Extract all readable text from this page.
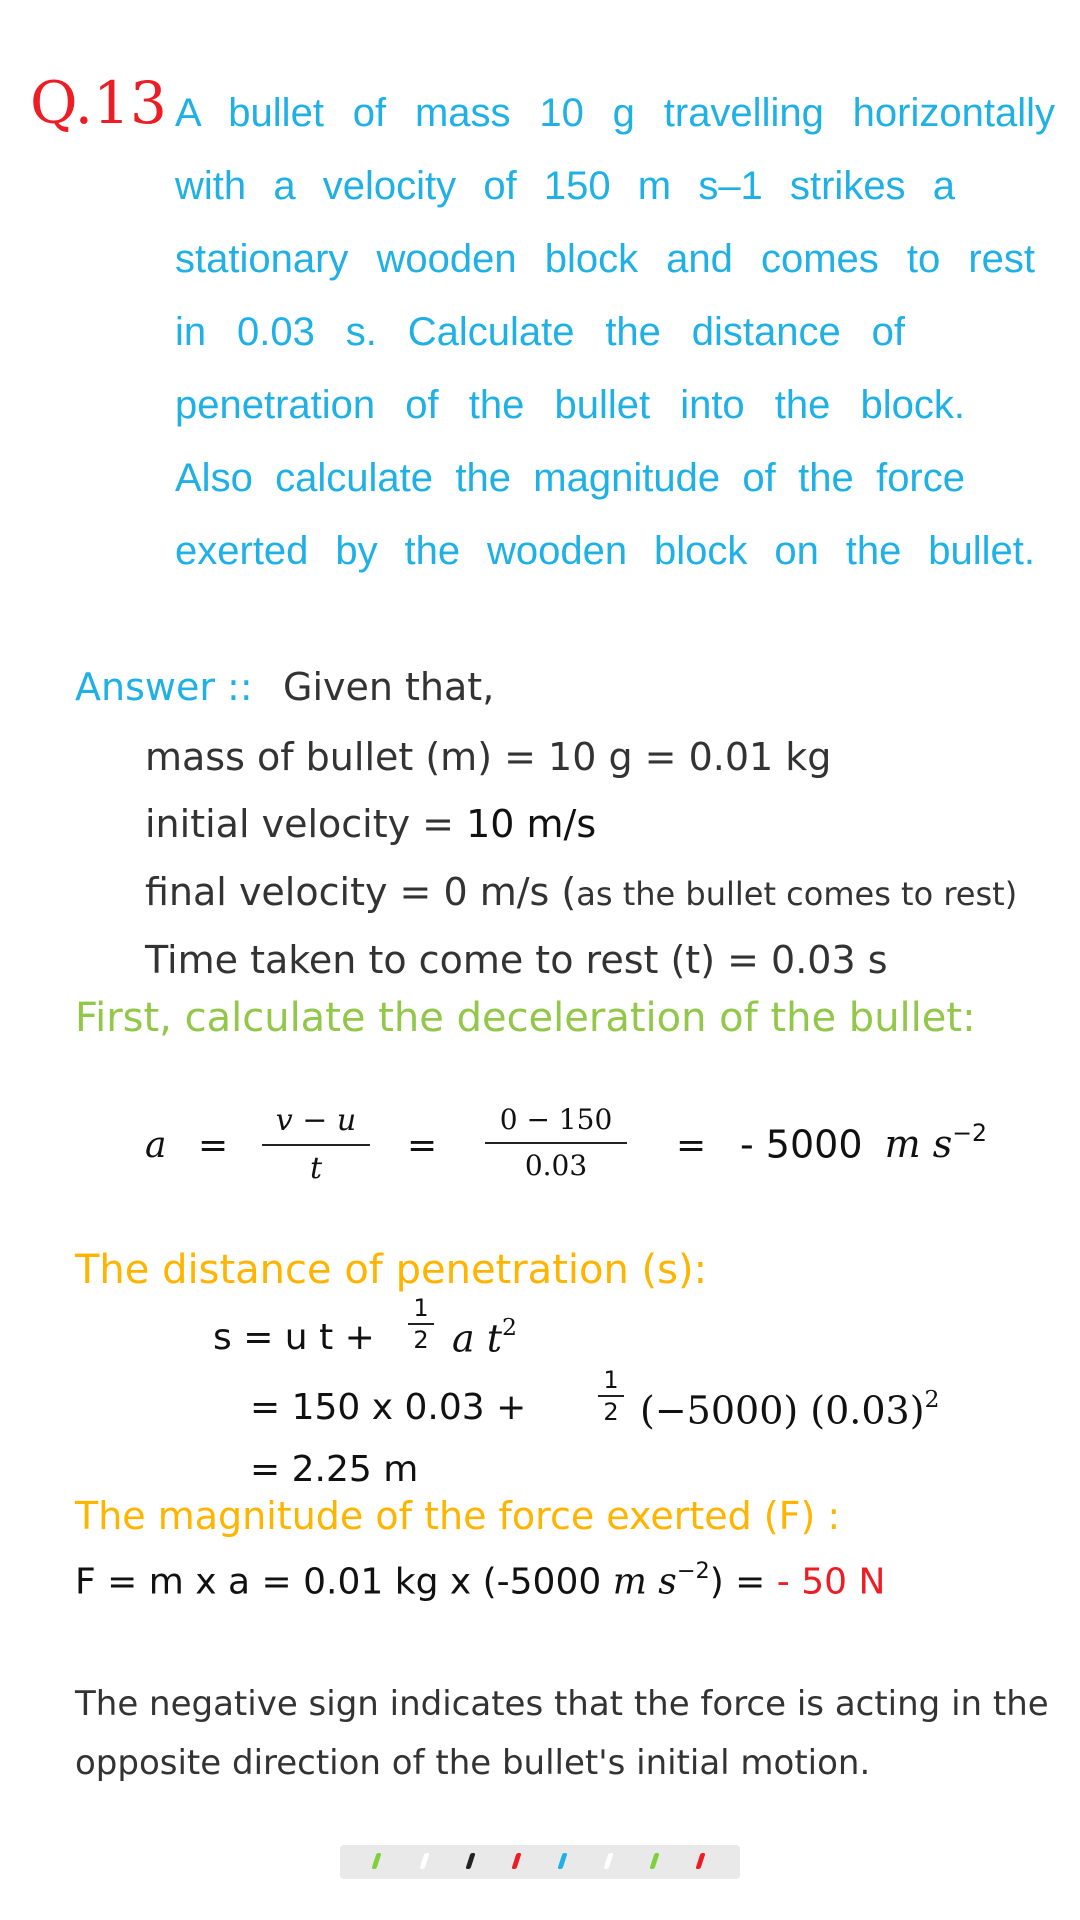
Q.13 A bullet of mass 10 g travelling horizontally
with a velocity of 150 m s–1 strikes a
stationary wooden block and comes to rest
in 0.03 s. Calculate the distance of
penetration of the bullet into the block.
Also calculate the magnitude of the force
exerted by the wooden block on the bullet.
Answer :: Given that,
mass of bullet (m) = 10 g = 0.01 kg
initial velocity = 10 m/s
final velocity = 0 m/s (as the bullet comes to rest)
Time taken to come to rest (t) = 0.03 s
First, calculate the deceleration of the bullet:
a =
v − u
t
=
0 − 150
0.03	= - 5000 m $s^{-2}$
The distance of penetration (s):
s = u t +
1
2 a $t^2$
= 150 x 0.03 +
1
2 (−5000) $(0.03)^2$
= 2.25 m
The magnitude of the force exerted (F) :
F = m x a = 0.01 kg x (-5000 m $s^{-2}$) = - 50 N
The negative sign indicates that the force is acting in the
opposite direction of the bullet's initial motion.
